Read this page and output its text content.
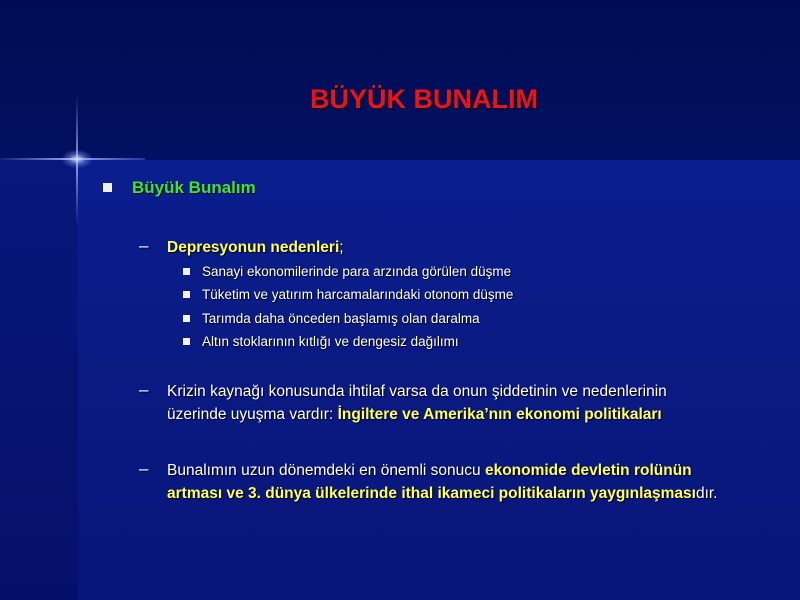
BÜYÜK BUNALIM
Büyük Bunalım
– Depresyonun nedenleri;
Sanayi ekonomilerinde para arzında görülen düşme
Tüketim ve yatırım harcamalarındaki otonom düşme
Tarımda daha önceden başlamış olan daralma
Altın stoklarının kıtlığı ve dengesiz dağılımı
– Krizin kaynağı konusunda ihtilaf varsa da onun şiddetinin ve nedenlerinin üzerinde uyuşma vardır: İngiltere ve Amerika’nın ekonomi politikaları
– Bunalımın uzun dönemdeki en önemli sonucu ekonomide devletin rolünün artması ve 3. dünya ülkelerinde ithal ikameci politikaların yaygınlaşmasıdır.
